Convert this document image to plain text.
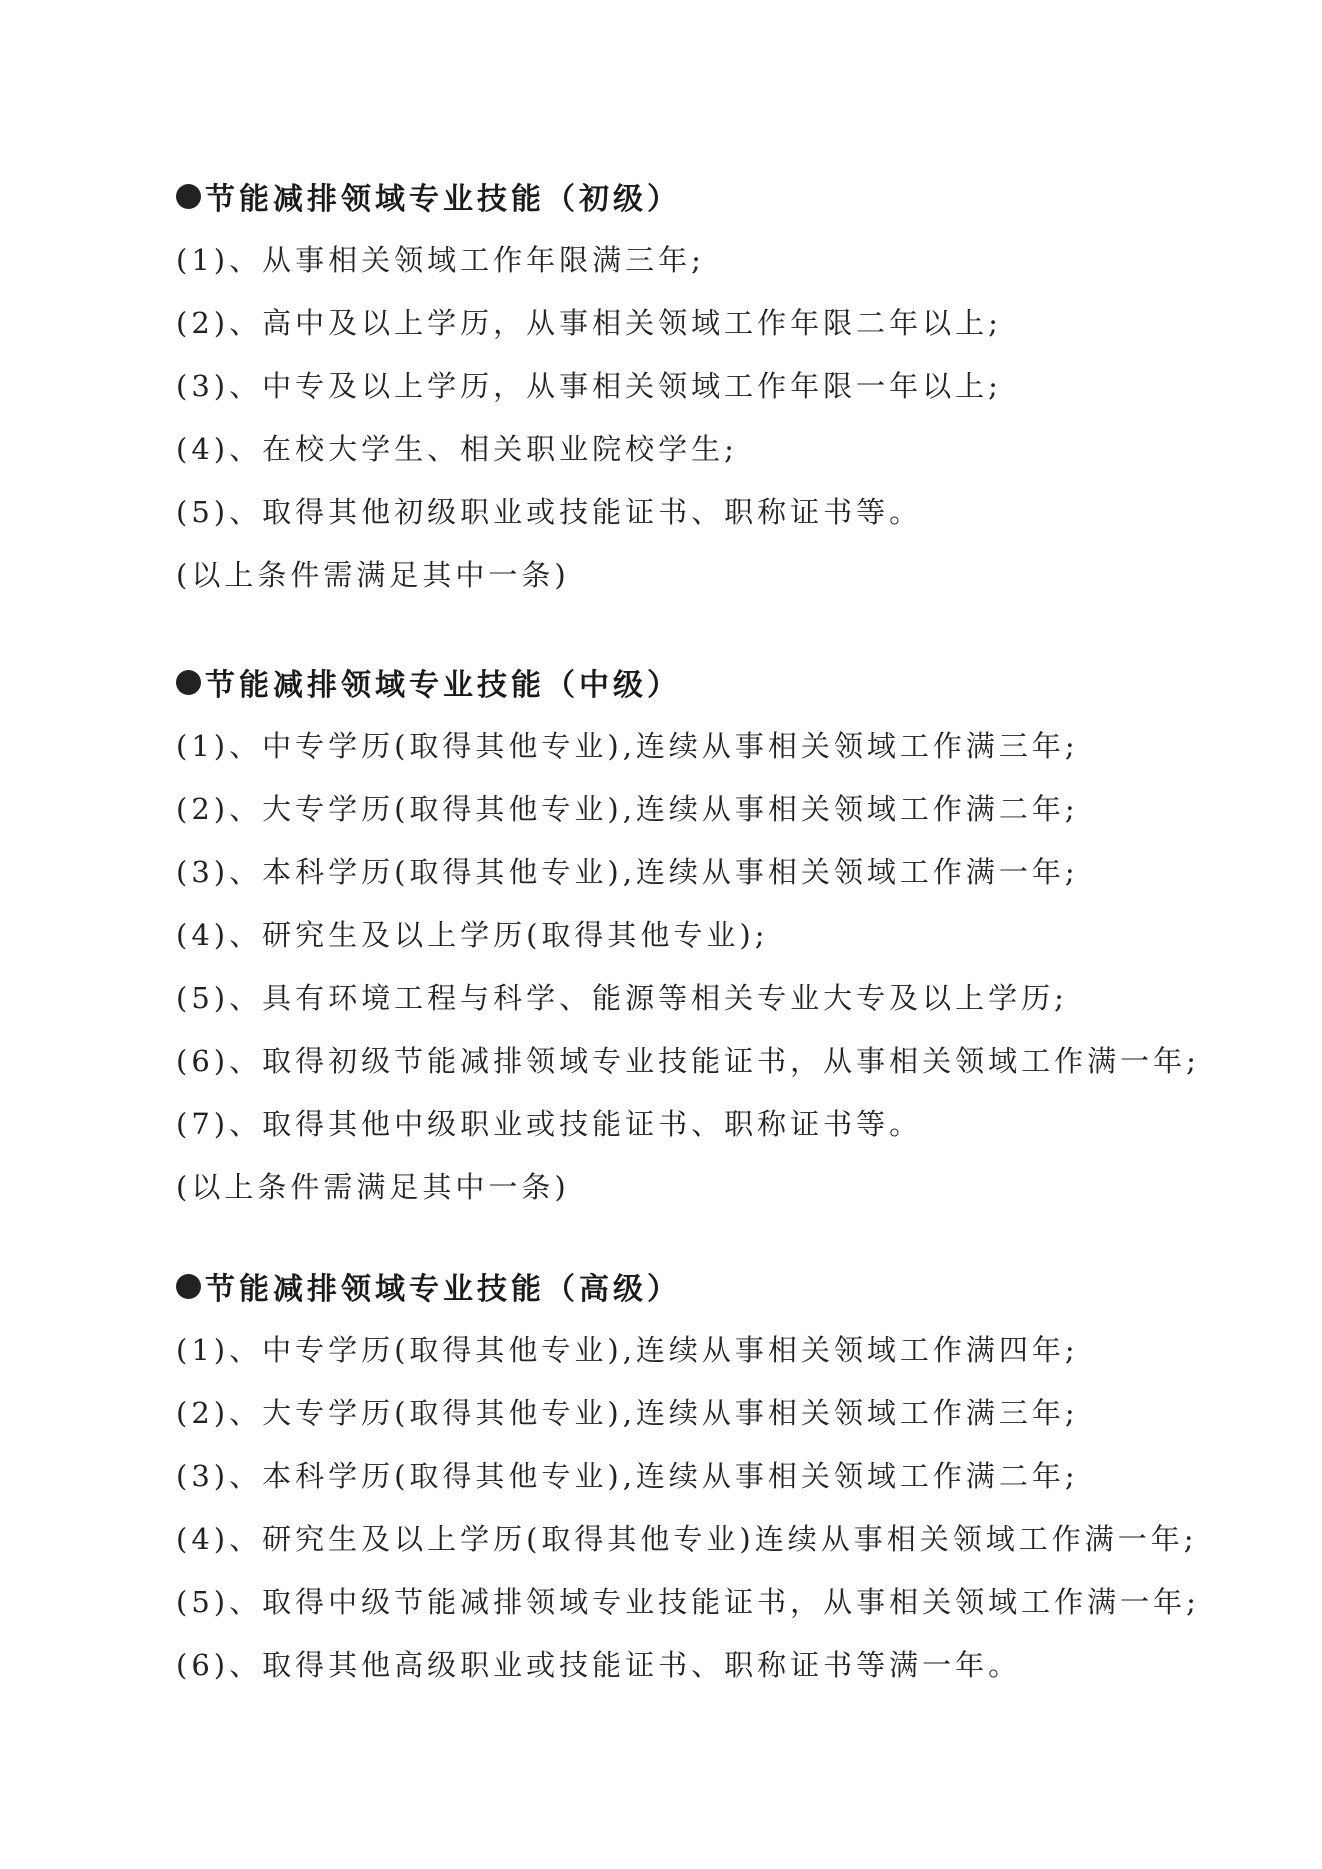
节能减排领域专业技能（初级）
(1)、从事相关领域工作年限满三年;
(2)、高中及以上学历，从事相关领域工作年限二年以上;
(3)、中专及以上学历，从事相关领域工作年限一年以上;
(4)、在校大学生、相关职业院校学生;
(5)、取得其他初级职业或技能证书、职称证书等。
(以上条件需满足其中一条)
节能减排领域专业技能（中级）
(1)、中专学历(取得其他专业),连续从事相关领域工作满三年;
(2)、大专学历(取得其他专业),连续从事相关领域工作满二年;
(3)、本科学历(取得其他专业),连续从事相关领域工作满一年;
(4)、研究生及以上学历(取得其他专业);
(5)、具有环境工程与科学、能源等相关专业大专及以上学历;
(6)、取得初级节能减排领域专业技能证书，从事相关领域工作满一年;
(7)、取得其他中级职业或技能证书、职称证书等。
(以上条件需满足其中一条)
节能减排领域专业技能（高级）
(1)、中专学历(取得其他专业),连续从事相关领域工作满四年;
(2)、大专学历(取得其他专业),连续从事相关领域工作满三年;
(3)、本科学历(取得其他专业),连续从事相关领域工作满二年;
(4)、研究生及以上学历(取得其他专业)连续从事相关领域工作满一年;
(5)、取得中级节能减排领域专业技能证书，从事相关领域工作满一年;
(6)、取得其他高级职业或技能证书、职称证书等满一年。
